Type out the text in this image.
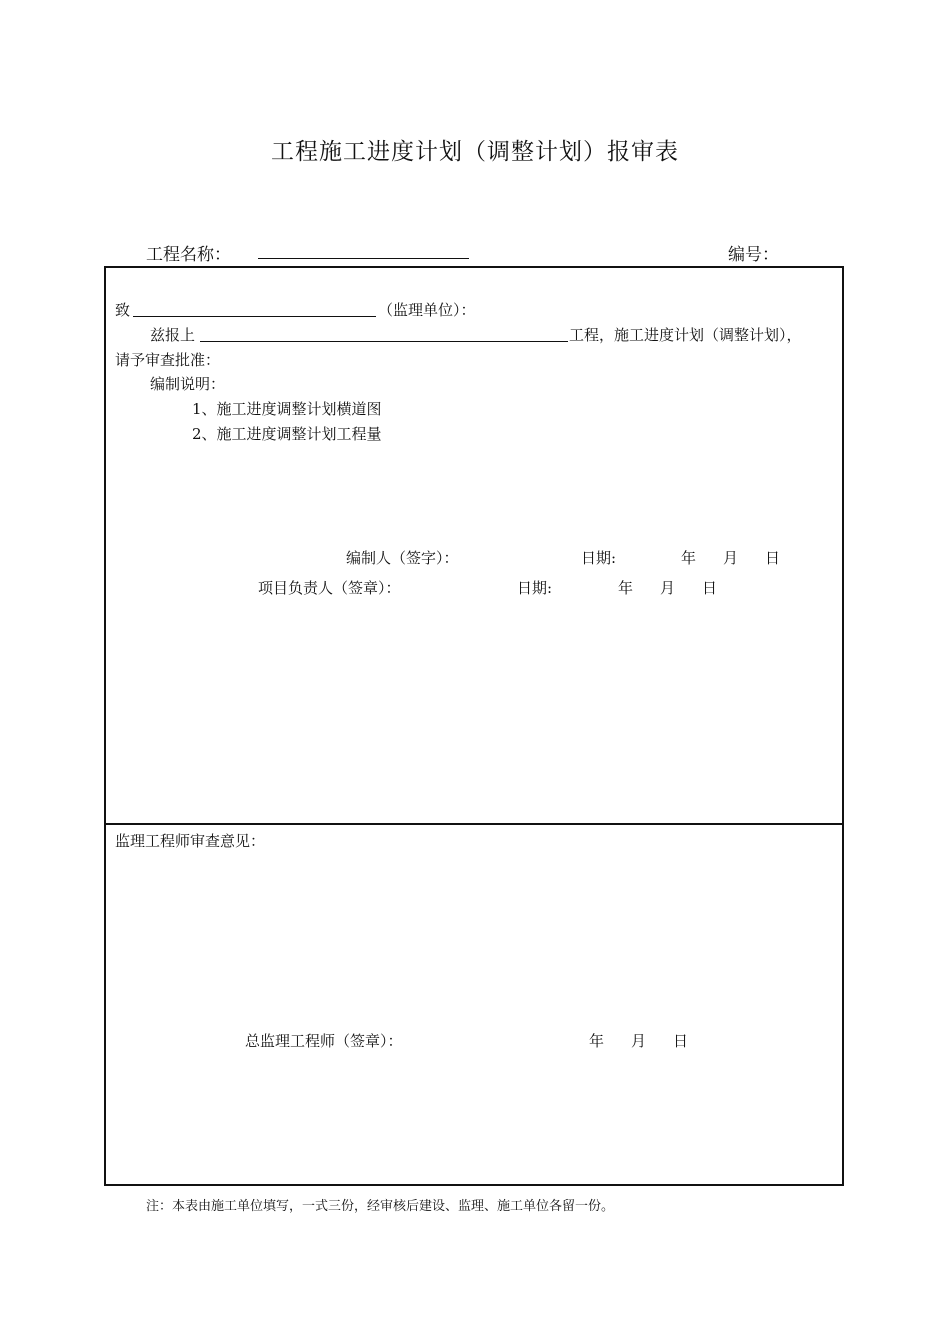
工程施工进度计划（调整计划）报审表
工程名称：	编号：
致	（监理单位）：
兹报上	工程，施工进度计划（调整计划），
请予审查批准：
编制说明：
1、施工进度调整计划横道图
2、施工进度调整计划工程量
编制人（签字）：	日期:	年 月 日
项目负责人（签章）：	日期:	年 月 日
监理工程师审查意见：
总监理工程师（签章）：	年 月 日
注：本表由施工单位填写，一式三份，经审核后建设、监理、施工单位各留一份。
